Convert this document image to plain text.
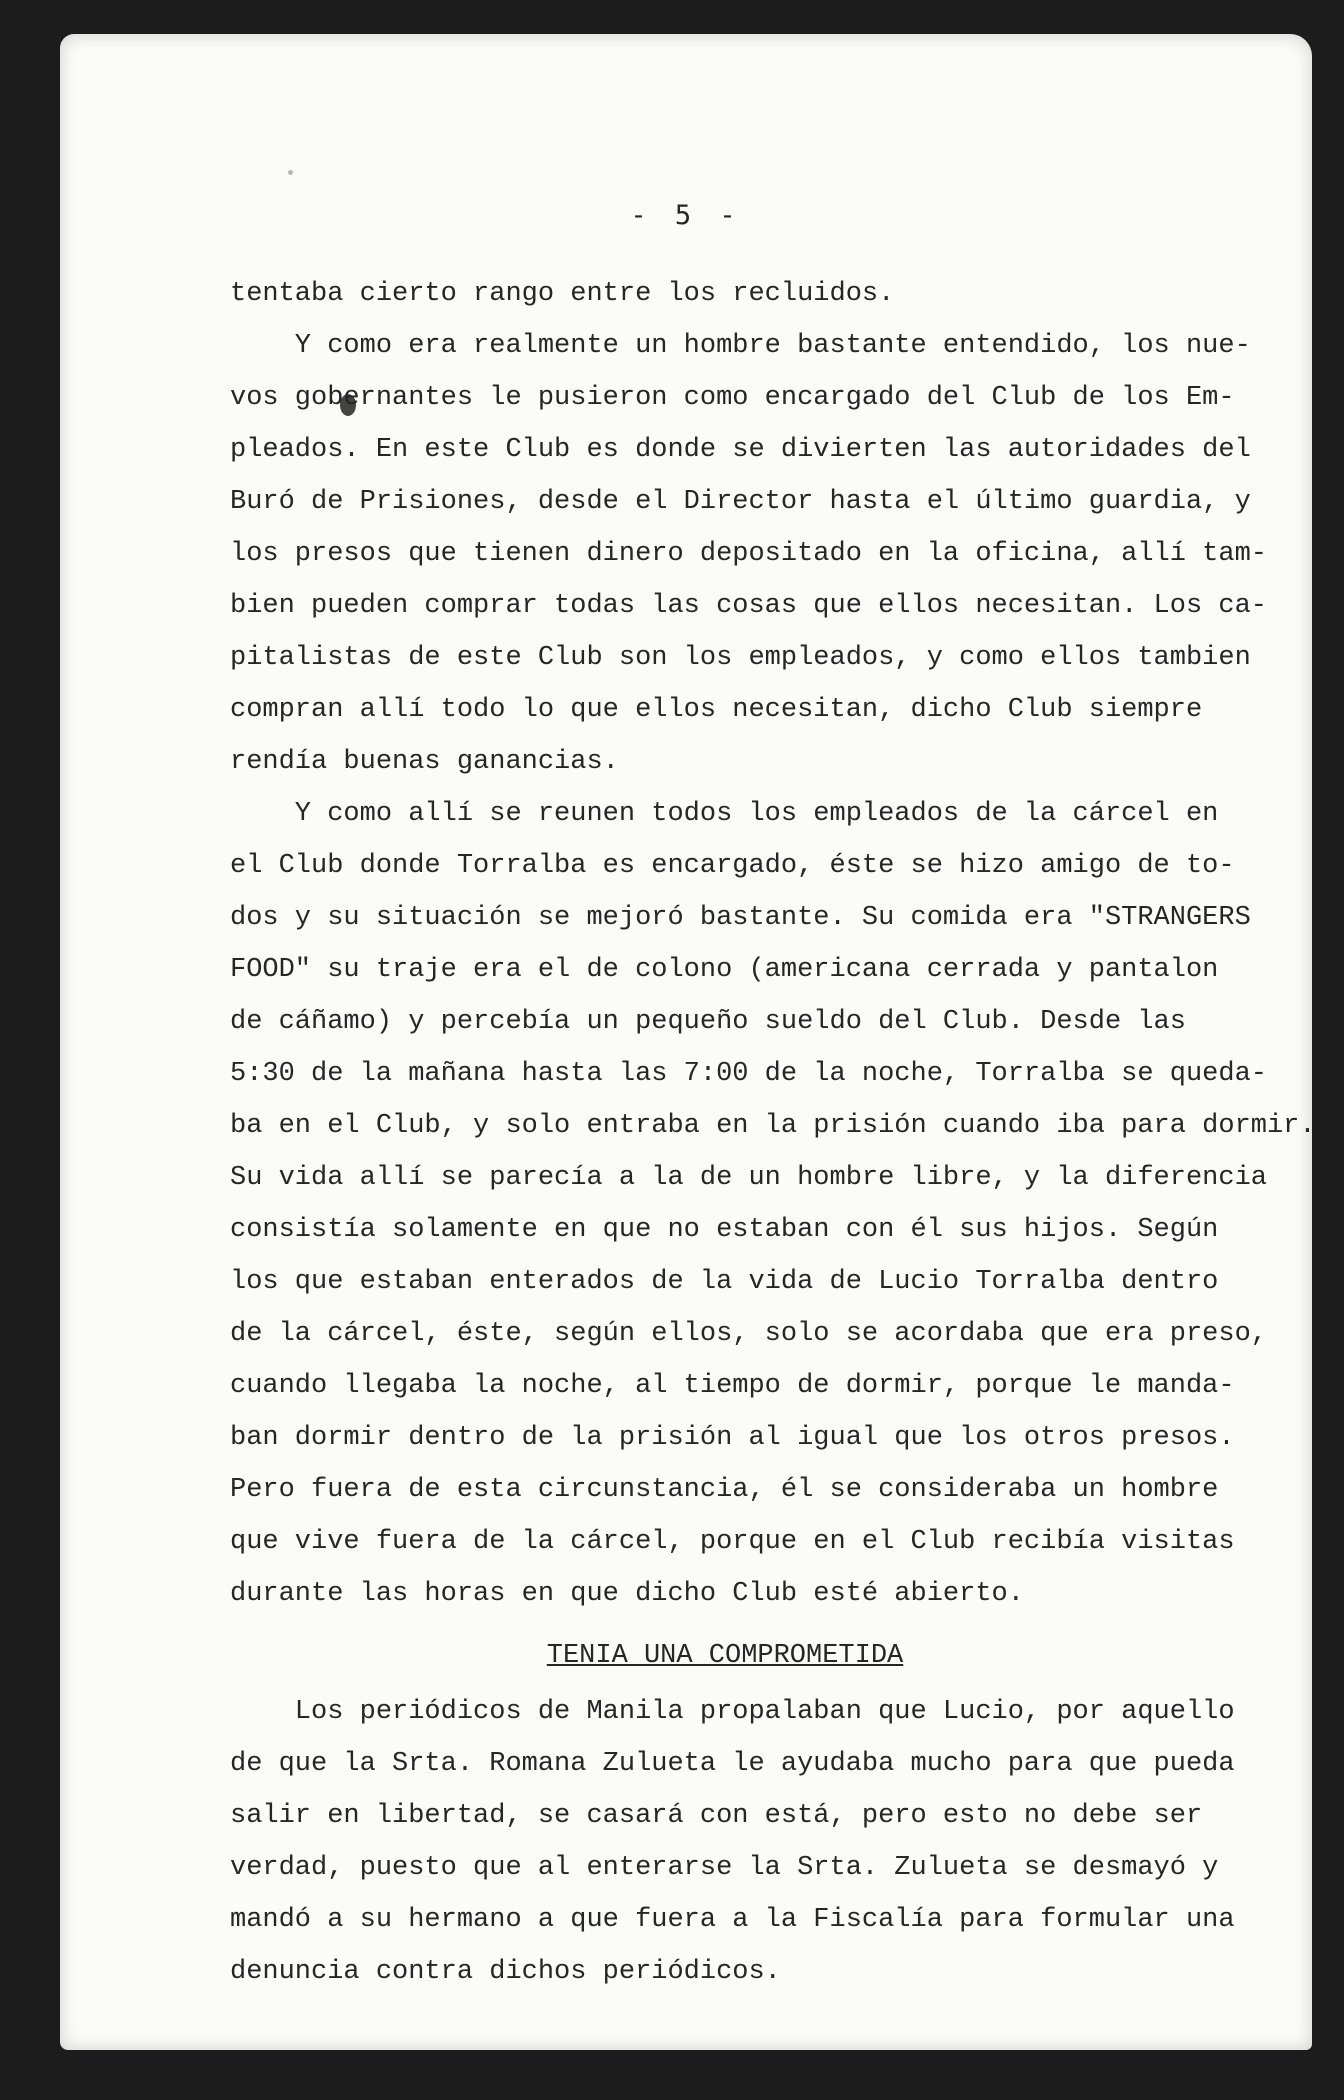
- 5 -
tentaba cierto rango entre los recluidos.
Y como era realmente un hombre bastante entendido, los nue-
vos gobernantes le pusieron como encargado del Club de los Em-
pleados. En este Club es donde se divierten las autoridades del
Buró de Prisiones, desde el Director hasta el último guardia, y
los presos que tienen dinero depositado en la oficina, allí tam-
bien pueden comprar todas las cosas que ellos necesitan. Los ca-
pitalistas de este Club son los empleados, y como ellos tambien
compran allí todo lo que ellos necesitan, dicho Club siempre
rendía buenas ganancias.
Y como allí se reunen todos los empleados de la cárcel en
el Club donde Torralba es encargado, éste se hizo amigo de to-
dos y su situación se mejoró bastante. Su comida era "STRANGERS
FOOD" su traje era el de colono (americana cerrada y pantalon
de cáñamo) y percebía un pequeño sueldo del Club. Desde las
5:30 de la mañana hasta las 7:00 de la noche, Torralba se queda-
ba en el Club, y solo entraba en la prisión cuando iba para dormir.
Su vida allí se parecía a la de un hombre libre, y la diferencia
consistía solamente en que no estaban con él sus hijos. Según
los que estaban enterados de la vida de Lucio Torralba dentro
de la cárcel, éste, según ellos, solo se acordaba que era preso,
cuando llegaba la noche, al tiempo de dormir, porque le manda-
ban dormir dentro de la prisión al igual que los otros presos.
Pero fuera de esta circunstancia, él se consideraba un hombre
que vive fuera de la cárcel, porque en el Club recibía visitas
durante las horas en que dicho Club esté abierto.
TENIA UNA COMPROMETIDA
Los periódicos de Manila propalaban que Lucio, por aquello
de que la Srta. Romana Zulueta le ayudaba mucho para que pueda
salir en libertad, se casará con está, pero esto no debe ser
verdad, puesto que al enterarse la Srta. Zulueta se desmayó y
mandó a su hermano a que fuera a la Fiscalía para formular una
denuncia contra dichos periódicos.
